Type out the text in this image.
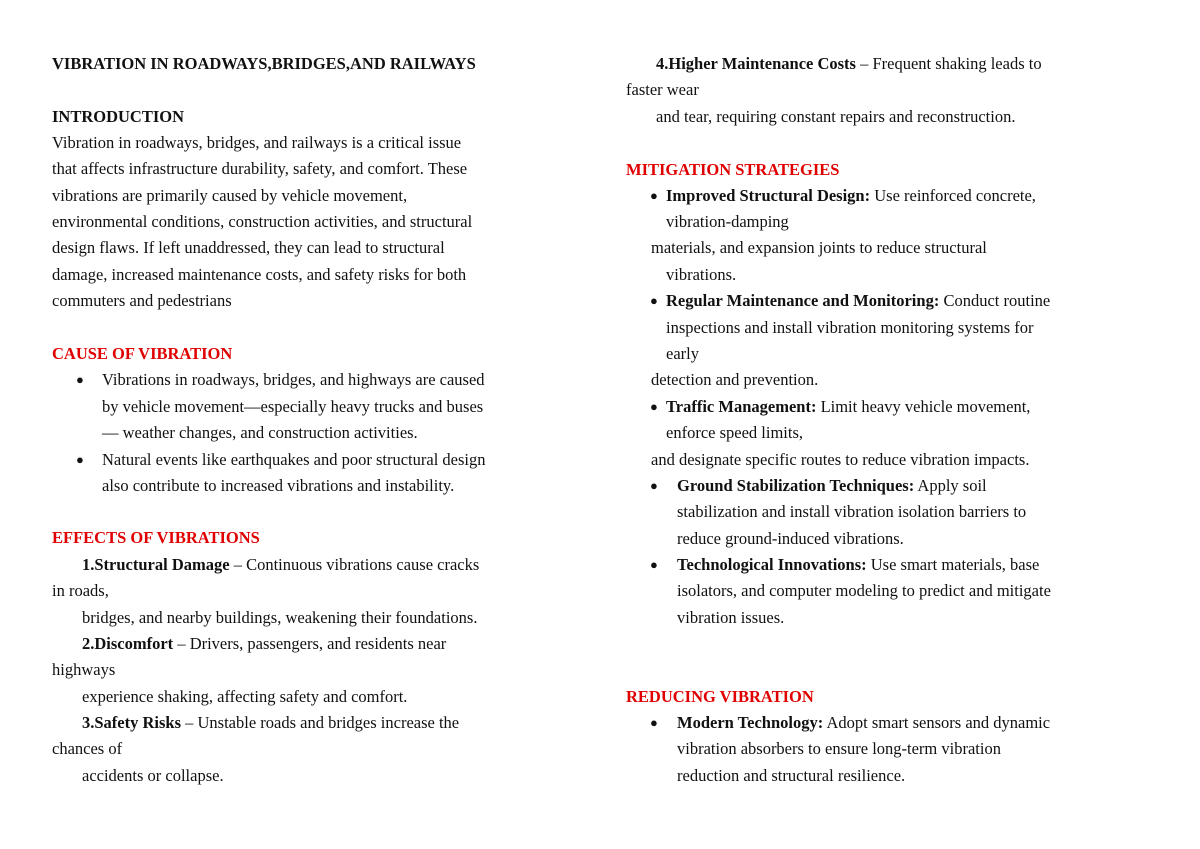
VIBRATION IN ROADWAYS,BRIDGES,AND RAILWAYS
INTRODUCTION
Vibration in roadways, bridges, and railways is a critical issue
that affects infrastructure durability, safety, and comfort. These
vibrations are primarily caused by vehicle movement,
environmental conditions, construction activities, and structural
design flaws. If left unaddressed, they can lead to structural
damage, increased maintenance costs, and safety risks for both
commuters and pedestrians
CAUSE OF VIBRATION
● Vibrations in roadways, bridges, and highways are caused
by vehicle movement—especially heavy trucks and buses
— weather changes, and construction activities.
● Natural events like earthquakes and poor structural design
also contribute to increased vibrations and instability.
EFFECTS OF VIBRATIONS
1.Structural Damage – Continuous vibrations cause cracks
in roads,
bridges, and nearby buildings, weakening their foundations.
2.Discomfort – Drivers, passengers, and residents near
highways
experience shaking, affecting safety and comfort.
3.Safety Risks – Unstable roads and bridges increase the
chances of
accidents or collapse.
4.Higher Maintenance Costs – Frequent shaking leads to
faster wear
and tear, requiring constant repairs and reconstruction.
MITIGATION STRATEGIES
● Improved Structural Design: Use reinforced concrete,
vibration-damping
materials, and expansion joints to reduce structural
vibrations.
● Regular Maintenance and Monitoring: Conduct routine
inspections and install vibration monitoring systems for
early
detection and prevention.
● Traffic Management: Limit heavy vehicle movement,
enforce speed limits,
and designate specific routes to reduce vibration impacts.
● Ground Stabilization Techniques: Apply soil
stabilization and install vibration isolation barriers to
reduce ground-induced vibrations.
● Technological Innovations: Use smart materials, base
isolators, and computer modeling to predict and mitigate
vibration issues.
REDUCING VIBRATION
● Modern Technology: Adopt smart sensors and dynamic
vibration absorbers to ensure long-term vibration
reduction and structural resilience.
